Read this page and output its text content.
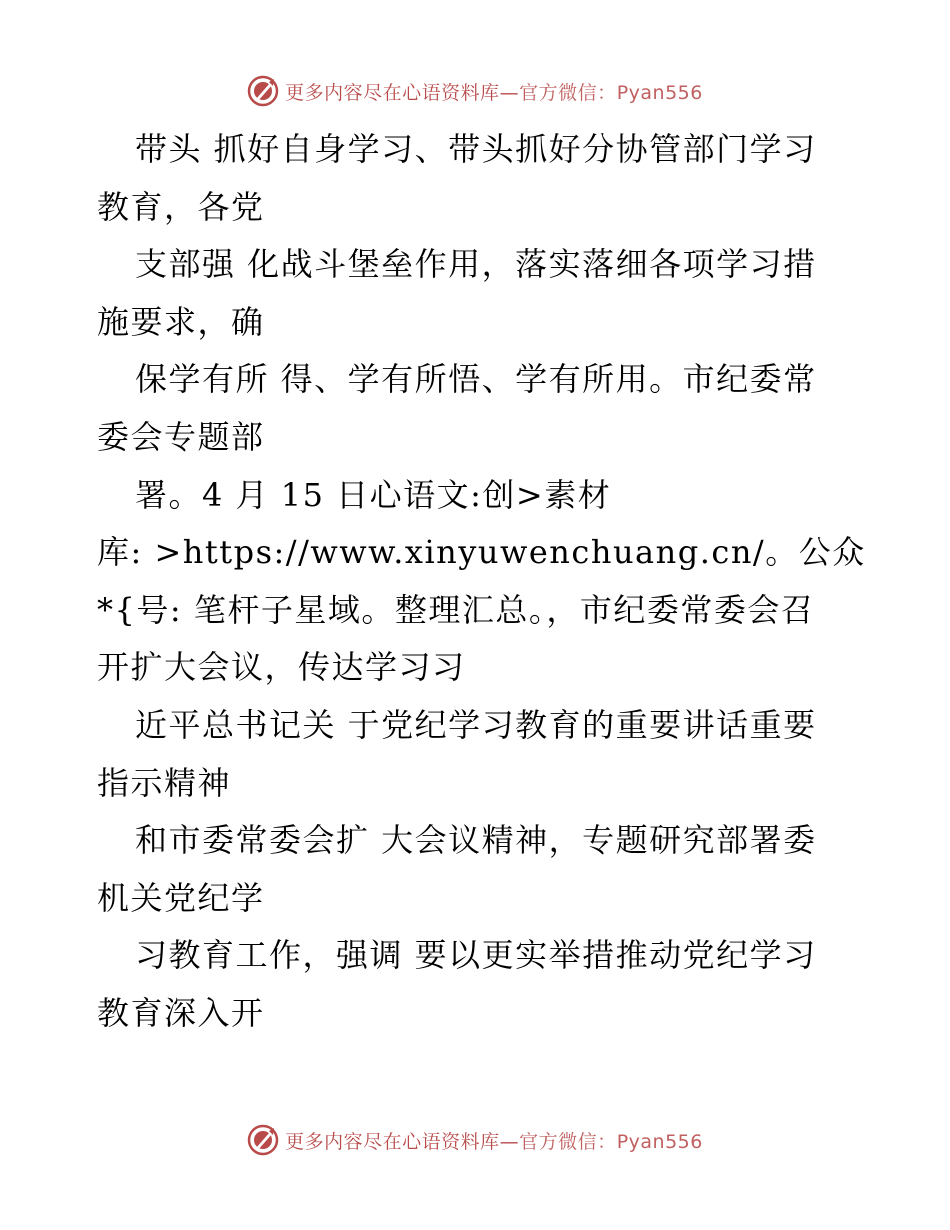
更多内容尽在心语资料库—官方微信：Pyan556
带头 抓好自身学习、带头抓好分协管部门学习
教育，各党
支部强 化战斗堡垒作用，落实落细各项学习措
施要求，确
保学有所 得、学有所悟、学有所用。市纪委常
委会专题部
署。4 月 15 日心语文:创>素材
库: >https://www.xinyuwenchuang.cn/。公众
*{号: 笔杆子星域。整理汇总。，市纪委常委会召
开扩大会议，传达学习习
近平总书记关 于党纪学习教育的重要讲话重要
指示精神
和市委常委会扩 大会议精神，专题研究部署委
机关党纪学
习教育工作，强调 要以更实举措推动党纪学习
教育深入开
更多内容尽在心语资料库—官方微信：Pyan556
